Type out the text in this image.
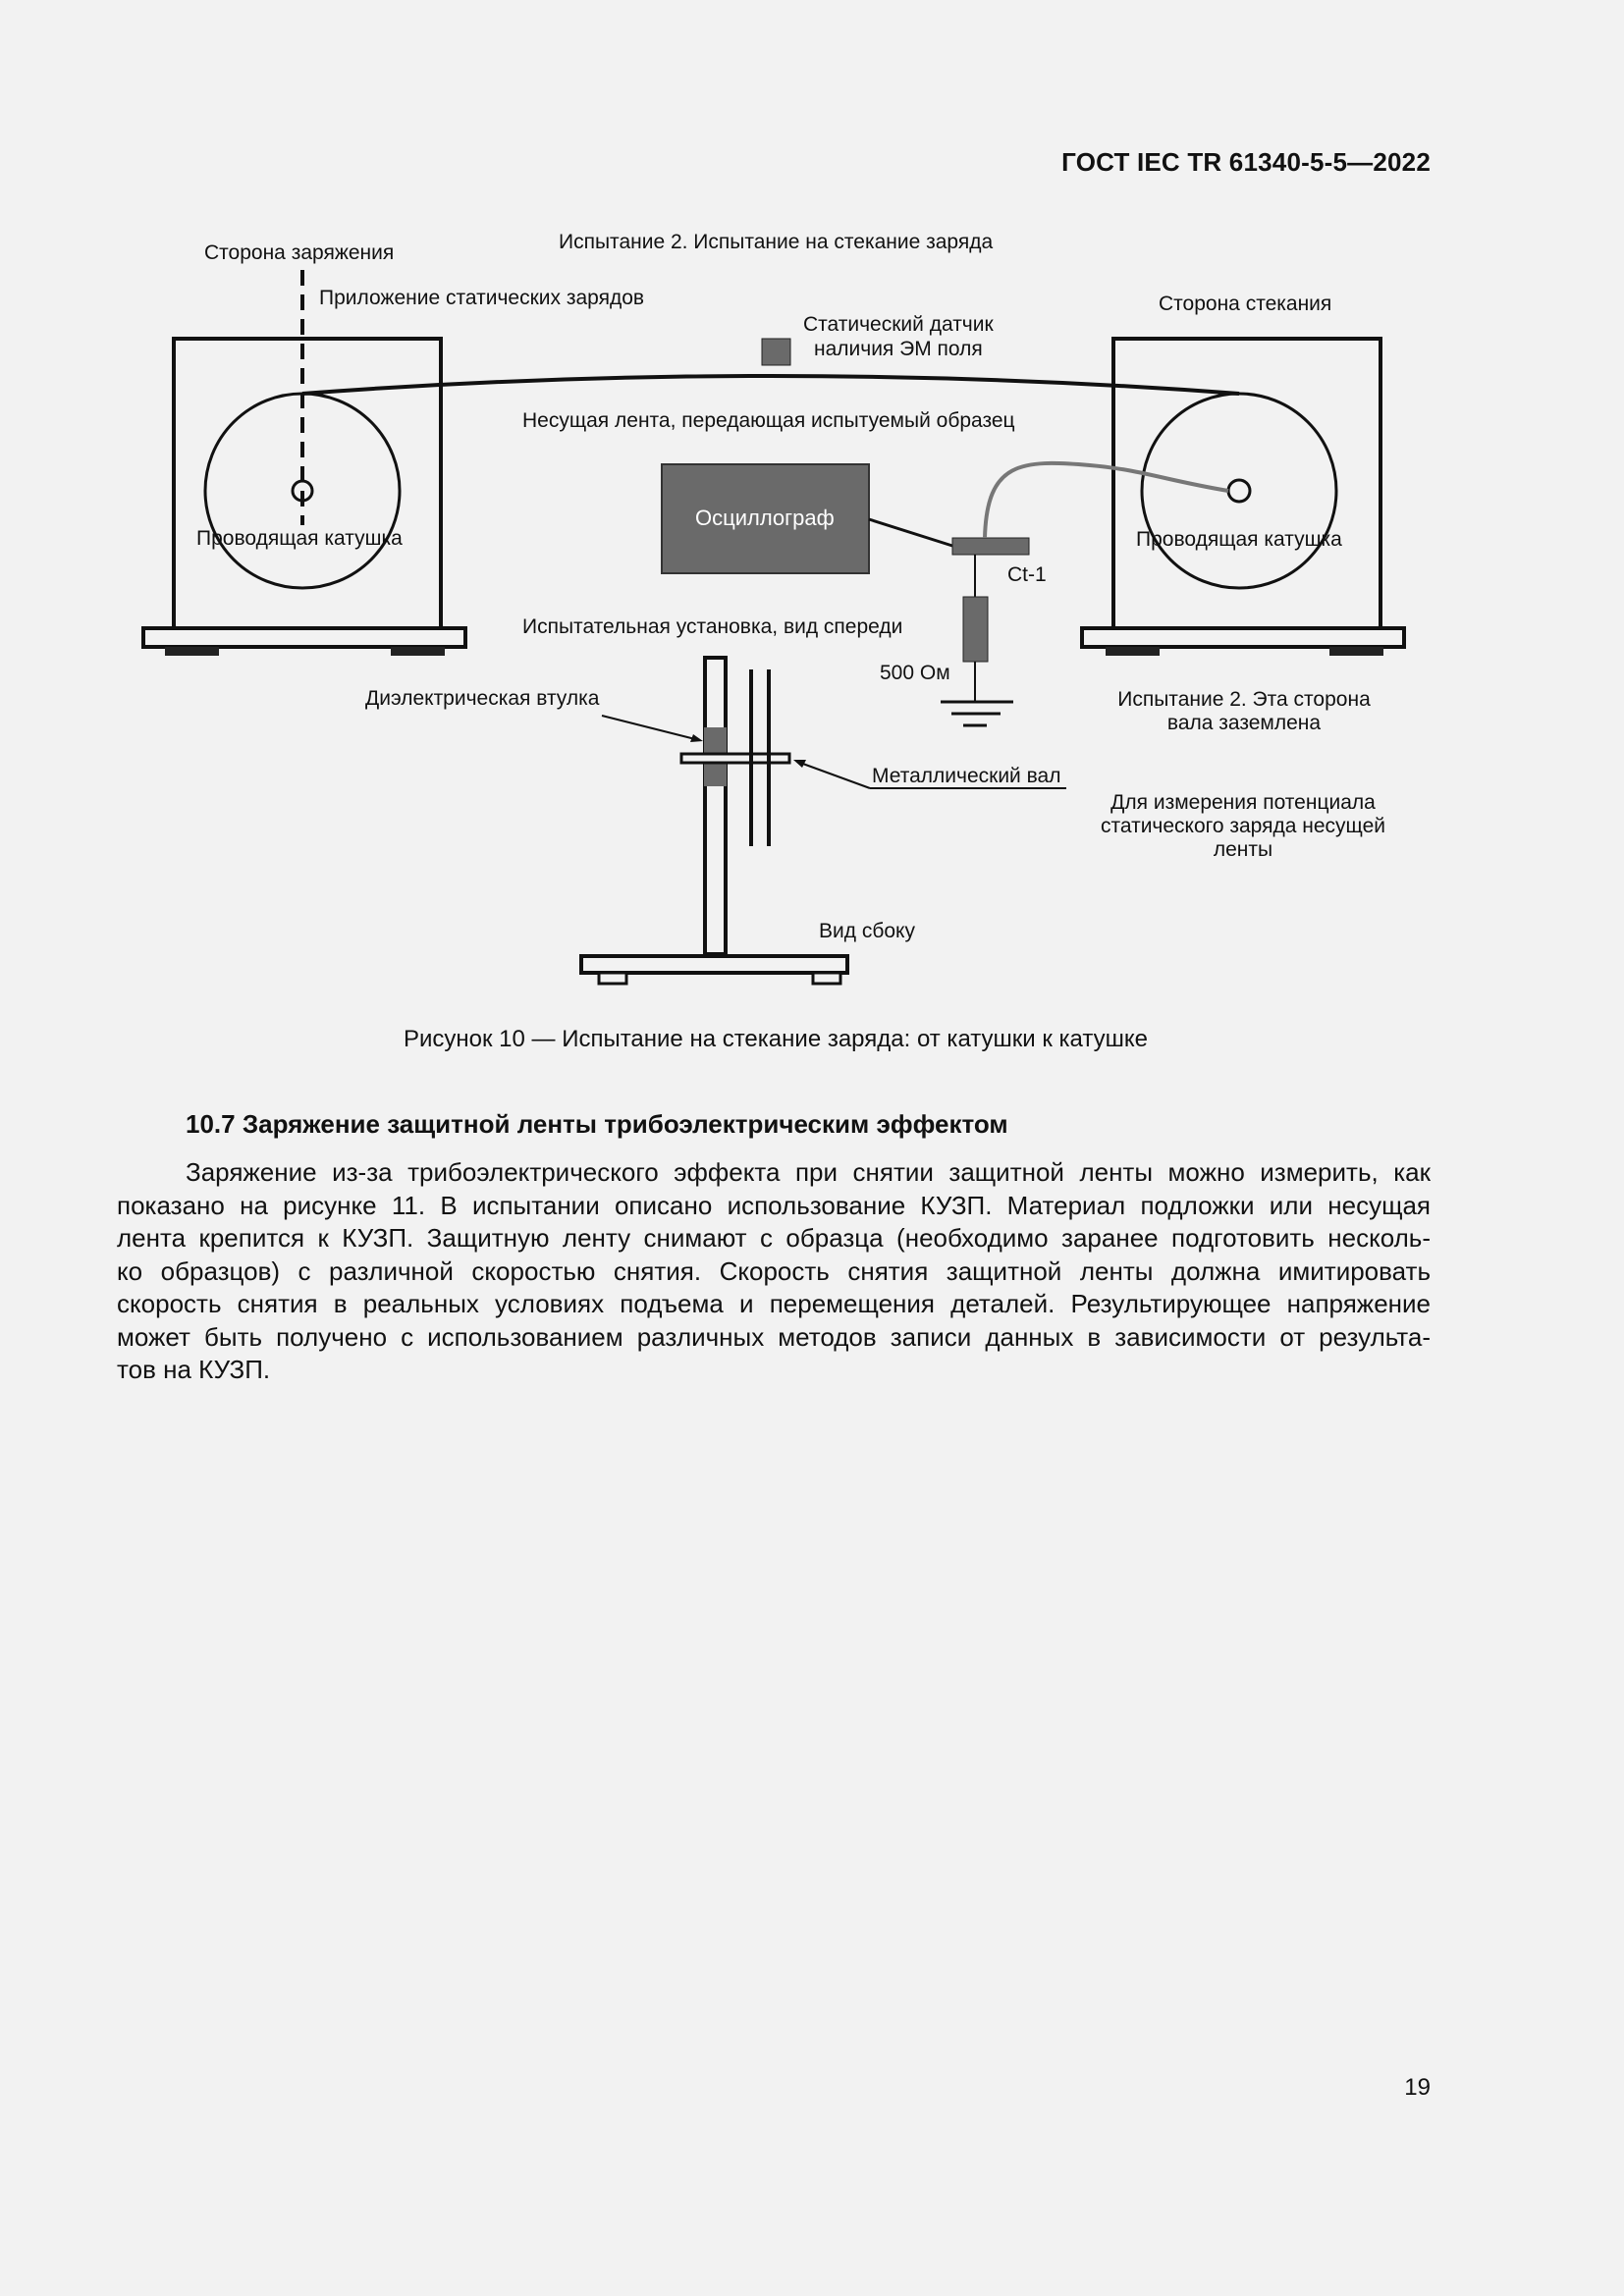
ГОСТ IEC TR 61340-5-5—2022
Испытание 2. Испытание на стекание заряда
Сторона заряжения
Приложение статических зарядов
Статический датчик
наличия ЭМ поля
Сторона стекания
Несущая лента, передающая испытуемый образец
Проводящая катушка	Проводящая катушка
Осциллограф
Ct-1
Испытательная установка, вид спереди
500 Ом
Диэлектрическая втулка	Испытание 2. Эта сторона
вала заземлена
Металлический вал
Для измерения потенциала
статического заряда несущей
ленты
Вид сбоку
Рисунок 10 — Испытание на стекание заряда: от катушки к катушке
10.7 Заряжение защитной ленты трибоэлектрическим эффектом

Заряжение из-за трибоэлектрического эффекта при снятии защитной ленты можно измерить, как
показано на рисунке 11. В испытании описано использование КУЗП. Материал подложки или несущая
лента крепится к КУЗП. Защитную ленту снимают с образца (необходимо заранее подготовить несколь-
ко образцов) с различной скоростью снятия. Скорость снятия защитной ленты должна имитировать
скорость снятия в реальных условиях подъема и перемещения деталей. Результирующее напряжение
может быть получено с использованием различных методов записи данных в зависимости от результа-
тов на КУЗП.

19
